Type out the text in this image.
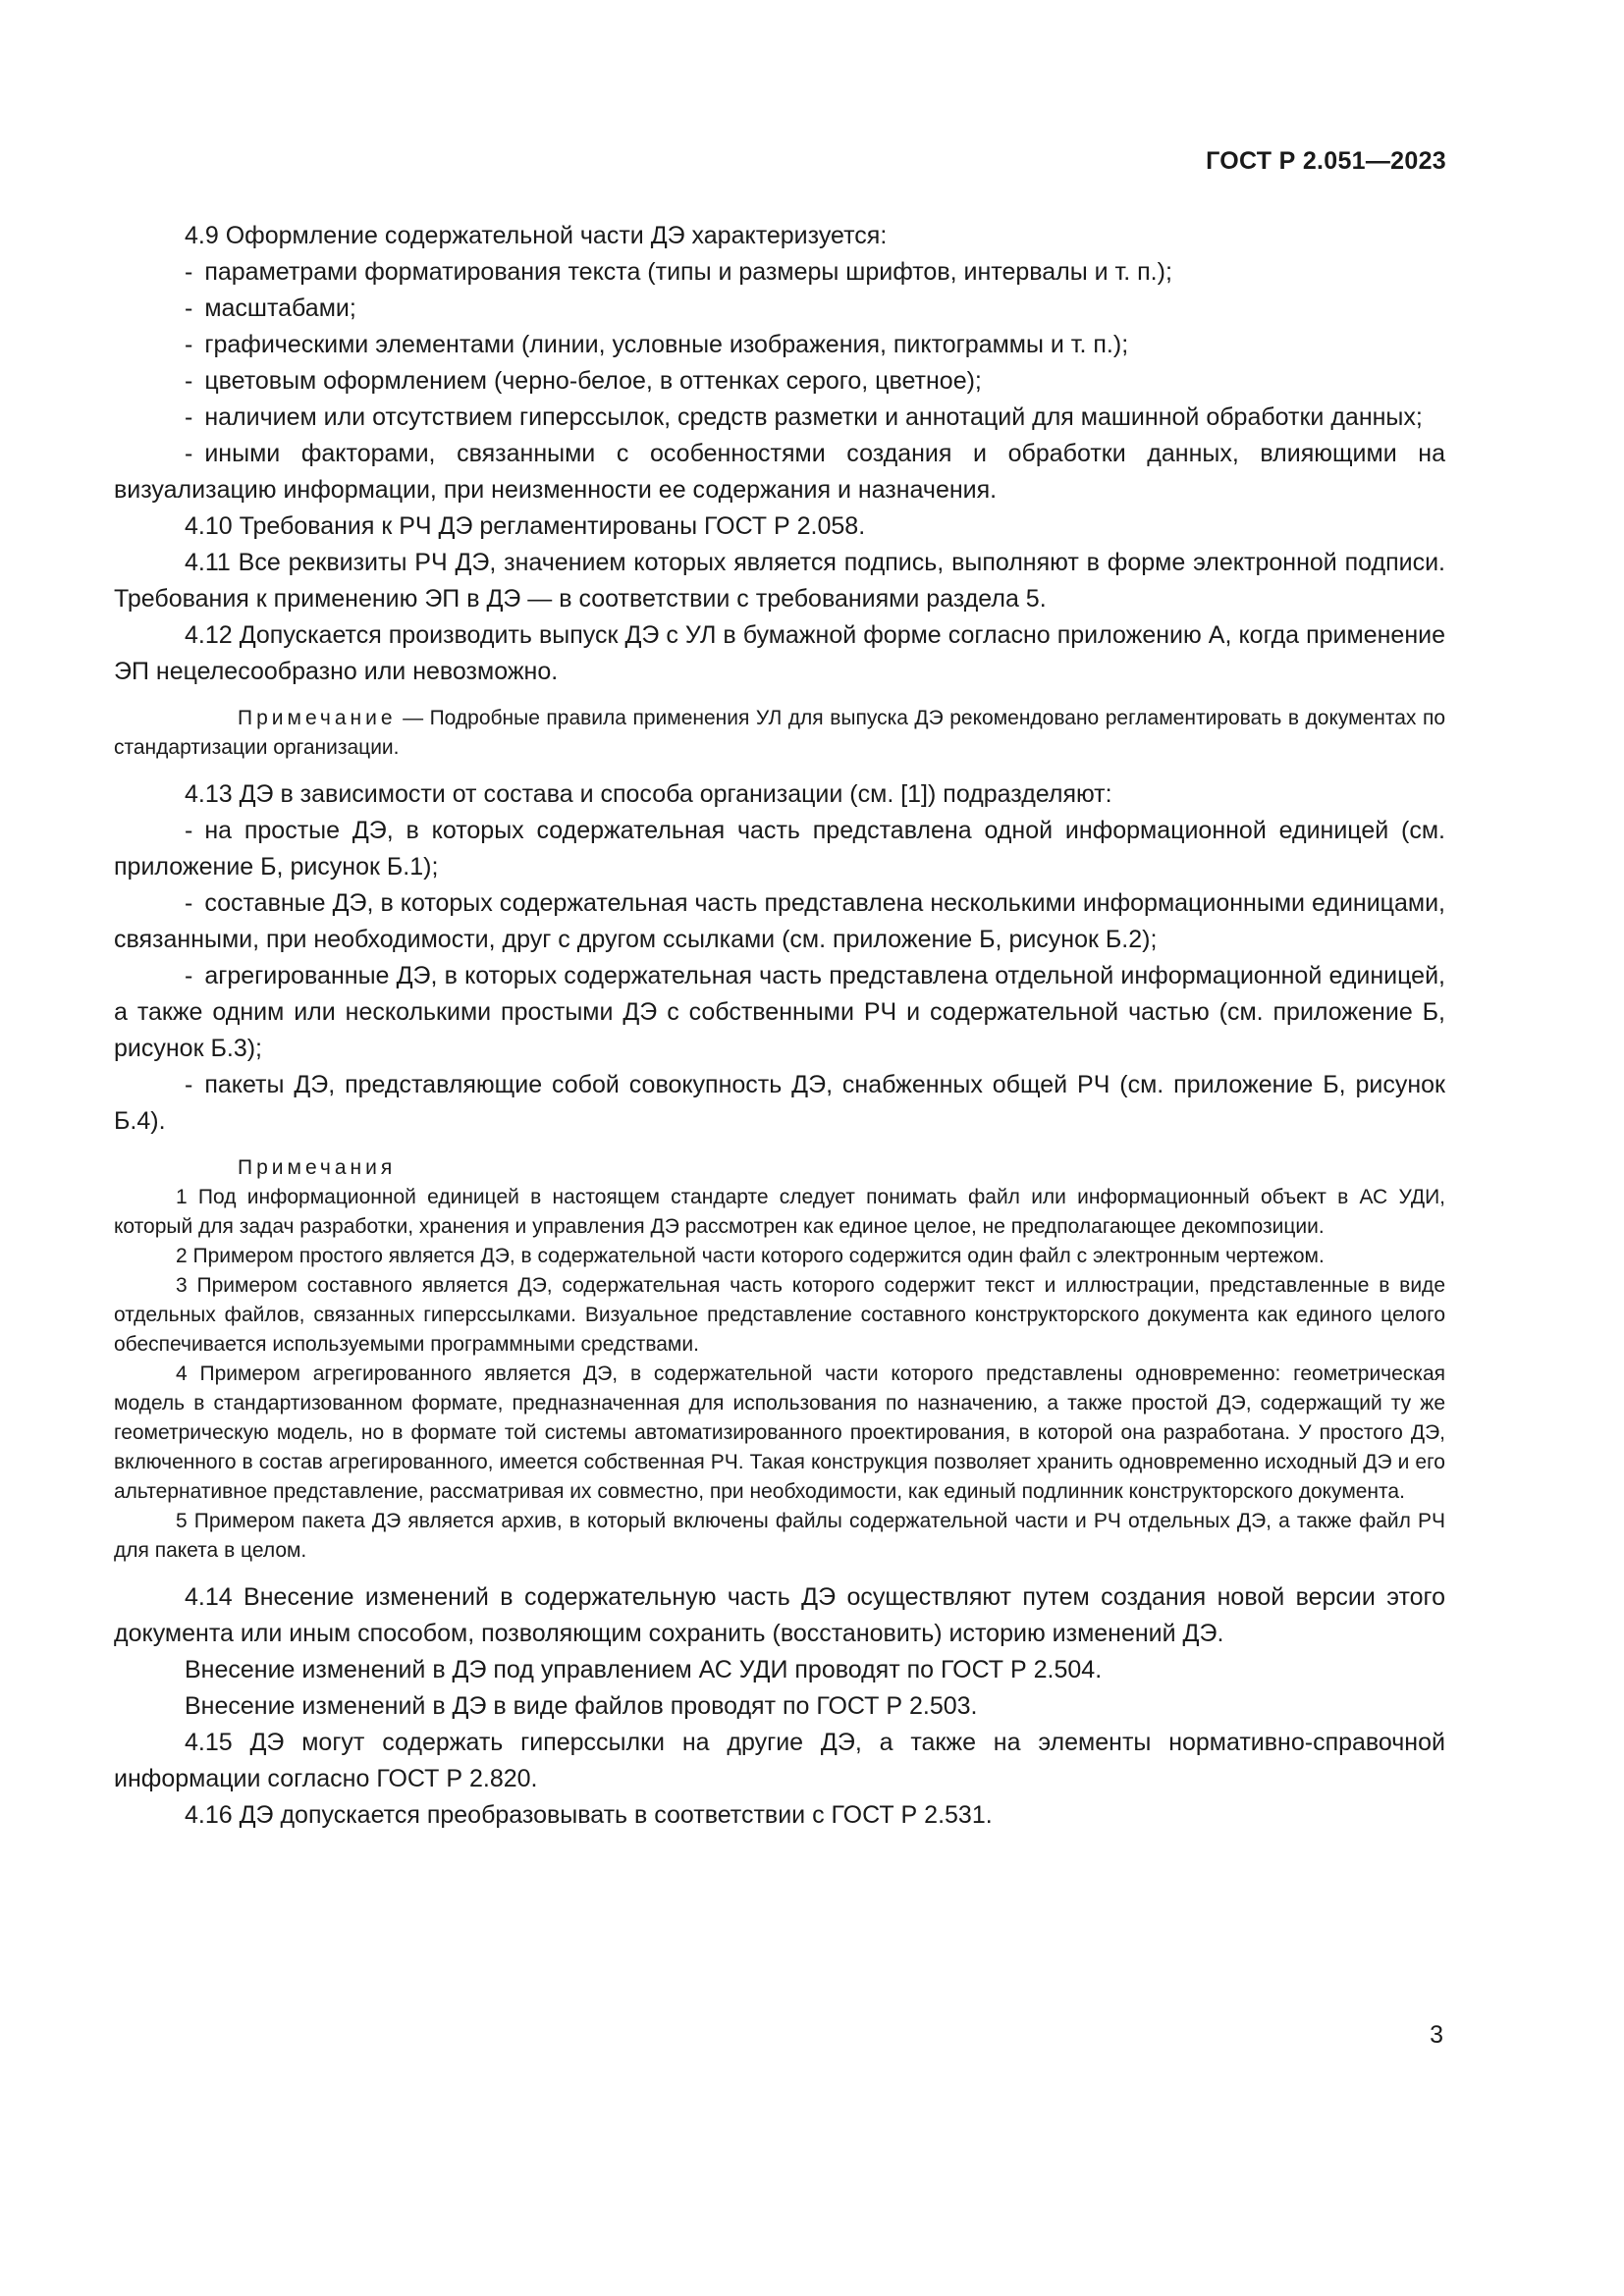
ГОСТ Р 2.051—2023

4.9 Оформление содержательной части ДЭ характеризуется:

- параметрами форматирования текста (типы и размеры шрифтов, интервалы и т. п.);

- масштабами;

- графическими элементами (линии, условные изображения, пиктограммы и т. п.);

- цветовым оформлением (черно-белое, в оттенках серого, цветное);

- наличием или отсутствием гиперссылок, средств разметки и аннотаций для машинной обработки данных;

- иными факторами, связанными с особенностями создания и обработки данных, влияющими на визуализацию информации, при неизменности ее содержания и назначения.

4.10 Требования к РЧ ДЭ регламентированы ГОСТ Р 2.058.

4.11 Все реквизиты РЧ ДЭ, значением которых является подпись, выполняют в форме электронной подписи. Требования к применению ЭП в ДЭ — в соответствии с требованиями раздела 5.

4.12 Допускается производить выпуск ДЭ с УЛ в бумажной форме согласно приложению А, когда применение ЭП нецелесообразно или невозможно.

Примечание — Подробные правила применения УЛ для выпуска ДЭ рекомендовано регламентировать в документах по стандартизации организации.

4.13 ДЭ в зависимости от состава и способа организации (см. [1]) подразделяют:

- на простые ДЭ, в которых содержательная часть представлена одной информационной единицей (см. приложение Б, рисунок Б.1);

- составные ДЭ, в которых содержательная часть представлена несколькими информационными единицами, связанными, при необходимости, друг с другом ссылками (см. приложение Б, рисунок Б.2);

- агрегированные ДЭ, в которых содержательная часть представлена отдельной информационной единицей, а также одним или несколькими простыми ДЭ с собственными РЧ и содержательной частью (см. приложение Б, рисунок Б.3);

- пакеты ДЭ, представляющие собой совокупность ДЭ, снабженных общей РЧ (см. приложение Б, рисунок Б.4).

Примечания

1 Под информационной единицей в настоящем стандарте следует понимать файл или информационный объект в АС УДИ, который для задач разработки, хранения и управления ДЭ рассмотрен как единое целое, не предполагающее декомпозиции.

2 Примером простого является ДЭ, в содержательной части которого содержится один файл с электронным чертежом.

3 Примером составного является ДЭ, содержательная часть которого содержит текст и иллюстрации, представленные в виде отдельных файлов, связанных гиперссылками. Визуальное представление составного конструкторского документа как единого целого обеспечивается используемыми программными средствами.

4 Примером агрегированного является ДЭ, в содержательной части которого представлены одновременно: геометрическая модель в стандартизованном формате, предназначенная для использования по назначению, а также простой ДЭ, содержащий ту же геометрическую модель, но в формате той системы автоматизированного проектирования, в которой она разработана. У простого ДЭ, включенного в состав агрегированного, имеется собственная РЧ. Такая конструкция позволяет хранить одновременно исходный ДЭ и его альтернативное представление, рассматривая их совместно, при необходимости, как единый подлинник конструкторского документа.

5 Примером пакета ДЭ является архив, в который включены файлы содержательной части и РЧ отдельных ДЭ, а также файл РЧ для пакета в целом.

4.14 Внесение изменений в содержательную часть ДЭ осуществляют путем создания новой версии этого документа или иным способом, позволяющим сохранить (восстановить) историю изменений ДЭ.

Внесение изменений в ДЭ под управлением АС УДИ проводят по ГОСТ Р 2.504.

Внесение изменений в ДЭ в виде файлов проводят по ГОСТ Р 2.503.

4.15 ДЭ могут содержать гиперссылки на другие ДЭ, а также на элементы нормативно-справочной информации согласно ГОСТ Р 2.820.

4.16 ДЭ допускается преобразовывать в соответствии с ГОСТ Р 2.531.

3
